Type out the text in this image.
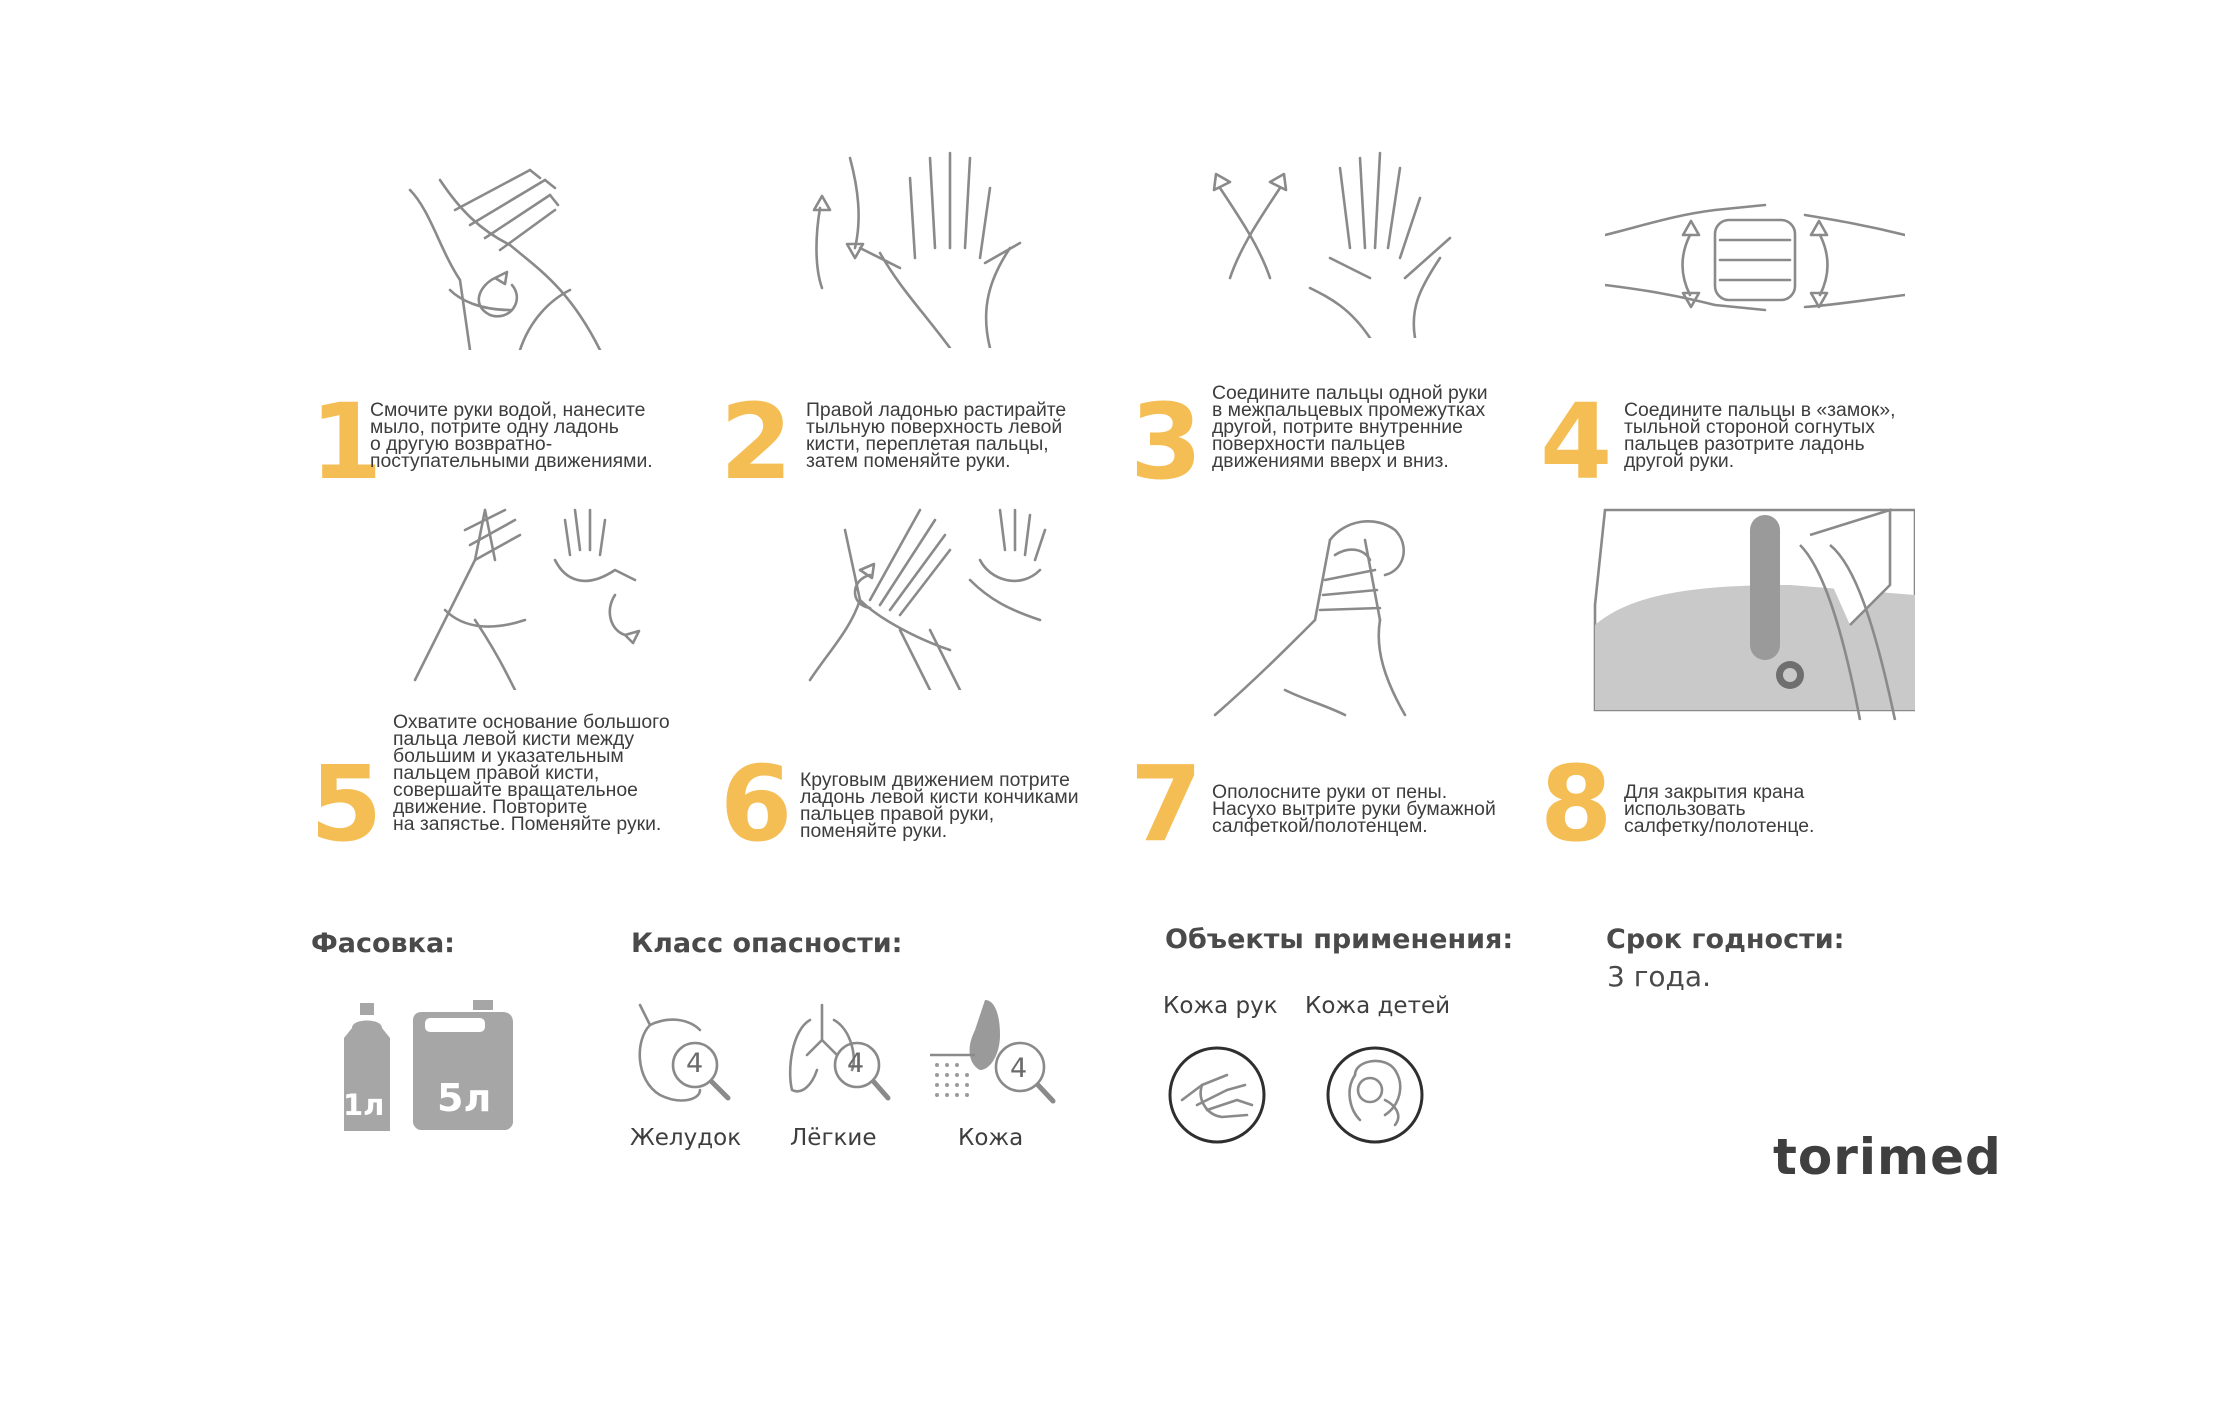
1
Смочите руки водой, нанесите
мыло, потрите одну ладонь
о другую возвратно-
поступательными движениями. 2 Правой ладонью растирайте
тыльную поверхность левой
кисти, переплетая пальцы,
затем поменяйте руки.	3 Соедините пальцы одной руки
в межпальцевых промежутках
другой, потрите внутренние
поверхности пальцев
движениями вверх и вниз. 4 Соедините пальцы в «замок»,
тыльной стороной согнутых
пальцев разотрите ладонь
другой руки.
5
Охватите основание большого
пальца левой кисти между
большим и указательным
пальцем правой кисти,
совершайте вращательное
движение. Повторите
на запястье. Поменяйте руки. 6 Круговым движением потрите
ладонь левой кисти кончиками
пальцев правой руки,
поменяйте руки.	7 Ополосните руки от пены.
Насухо вытрите руки бумажной
салфеткой/полотенцем.	8 Для закрытия крана
использовать
салфетку/полотенце.
Фасовка:
1л 5л
Класс опасности:
4
Желудок
4
Лёгкие
4
Кожа
Объекты применения:
Кожа рук Кожа детей
Срок годности:
3 года.
torimed
